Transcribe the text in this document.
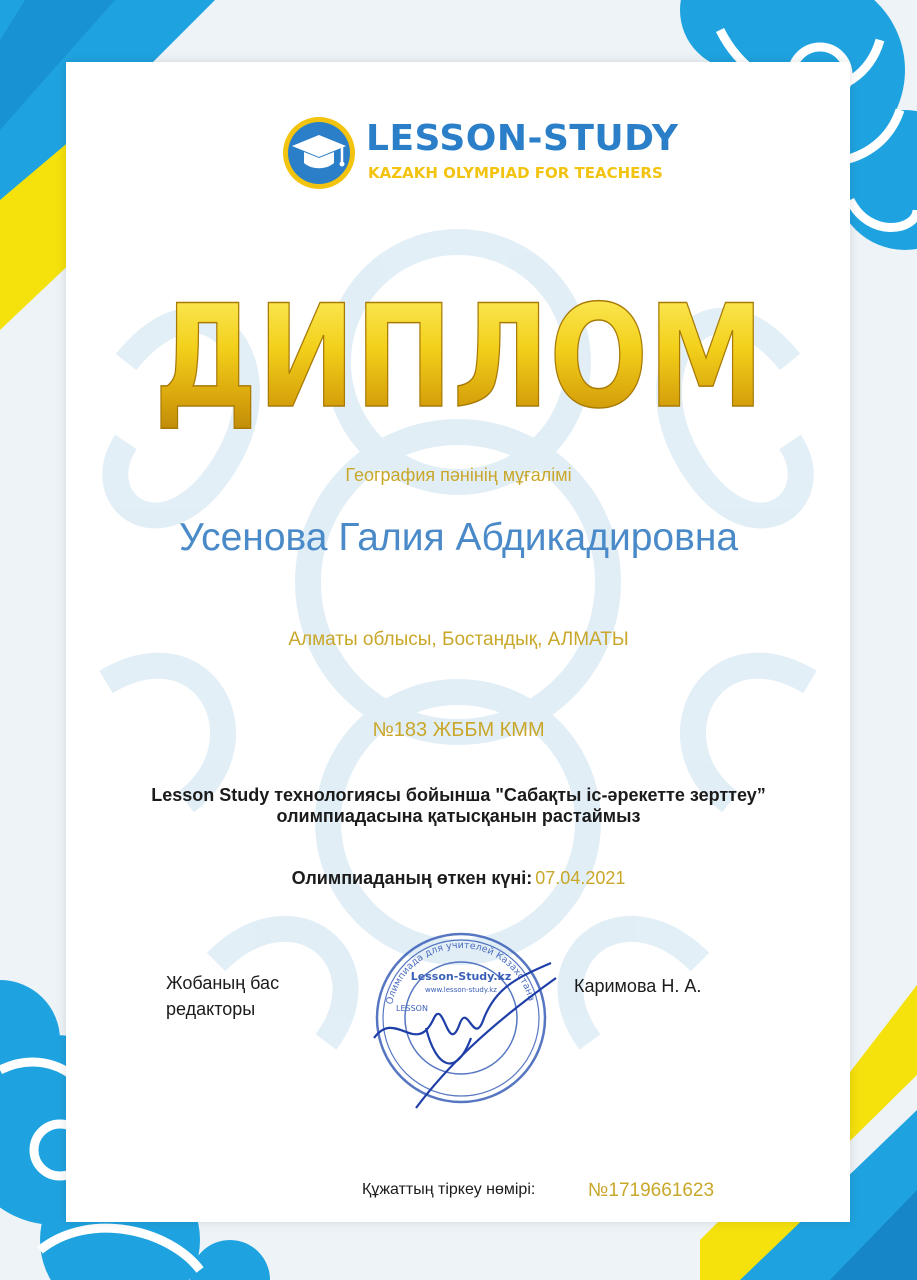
LESSON-STUDY
KAZAKH OLYMPIAD FOR TEACHERS
ДИПЛОМ
География пәнінің мұғалімі
Усенова Галия Абдикадировна
Алматы облысы, Бостандық, АЛМАТЫ
№183 ЖББМ КММ
Lesson Study технологиясы бойынша "Сабақты іс-әрекетте зерттеу”
олимпиадасына қатысқанын растаймыз
Олимпиаданың өткен күні: 07.04.2021
Жобаның бас
редакторы	Олимпиада для учителей Казахстана
Lesson-Study.kz
www.lesson-study.kz
LESSON
Каримова Н. А.
Құжаттың тіркеу нөмірі:	№1719661623
